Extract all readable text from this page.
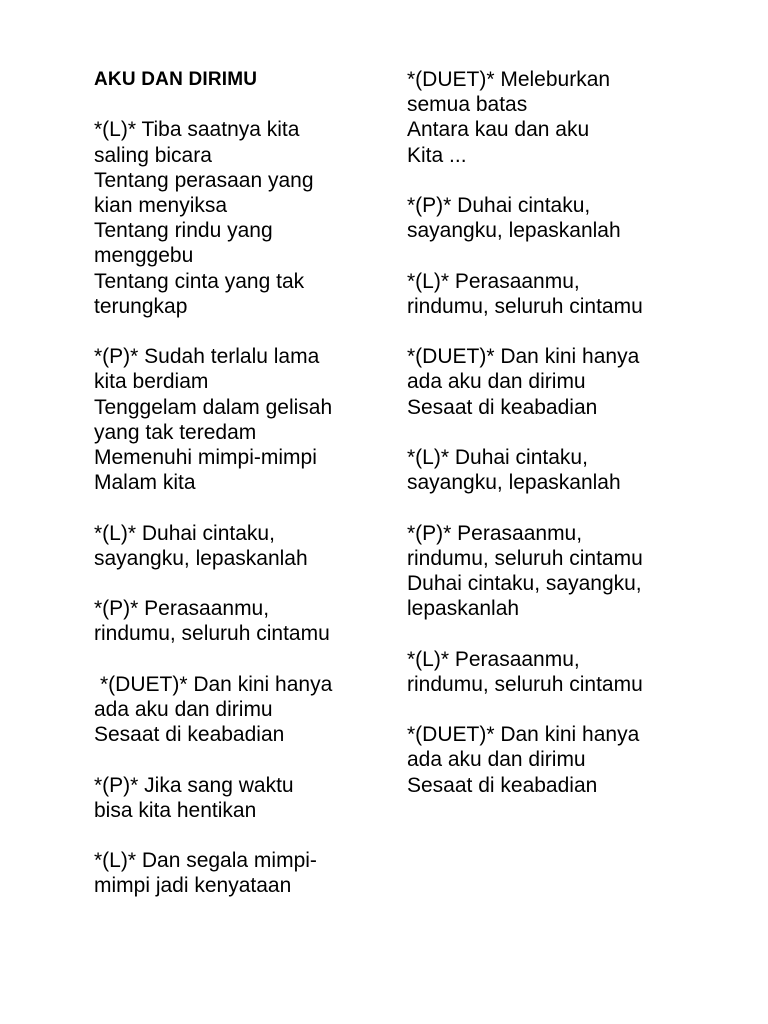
AKU DAN DIRIMU
*(L)* Tiba saatnya kita
saling bicara
Tentang perasaan yang
kian menyiksa
Tentang rindu yang
menggebu
Tentang cinta yang tak
terungkap
*(P)* Sudah terlalu lama
kita berdiam
Tenggelam dalam gelisah
yang tak teredam
Memenuhi mimpi-mimpi
Malam kita
*(L)* Duhai cintaku,
sayangku, lepaskanlah
*(P)* Perasaanmu,
rindumu, seluruh cintamu
*(DUET)* Dan kini hanya
ada aku dan dirimu
Sesaat di keabadian
*(P)* Jika sang waktu
bisa kita hentikan
*(L)* Dan segala mimpi-
mimpi jadi kenyataan
*(DUET)* Meleburkan
semua batas
Antara kau dan aku
Kita ...
*(P)* Duhai cintaku,
sayangku, lepaskanlah
*(L)* Perasaanmu,
rindumu, seluruh cintamu
*(DUET)* Dan kini hanya
ada aku dan dirimu
Sesaat di keabadian
*(L)* Duhai cintaku,
sayangku, lepaskanlah
*(P)* Perasaanmu,
rindumu, seluruh cintamu
Duhai cintaku, sayangku,
lepaskanlah
*(L)* Perasaanmu,
rindumu, seluruh cintamu
*(DUET)* Dan kini hanya
ada aku dan dirimu
Sesaat di keabadian
